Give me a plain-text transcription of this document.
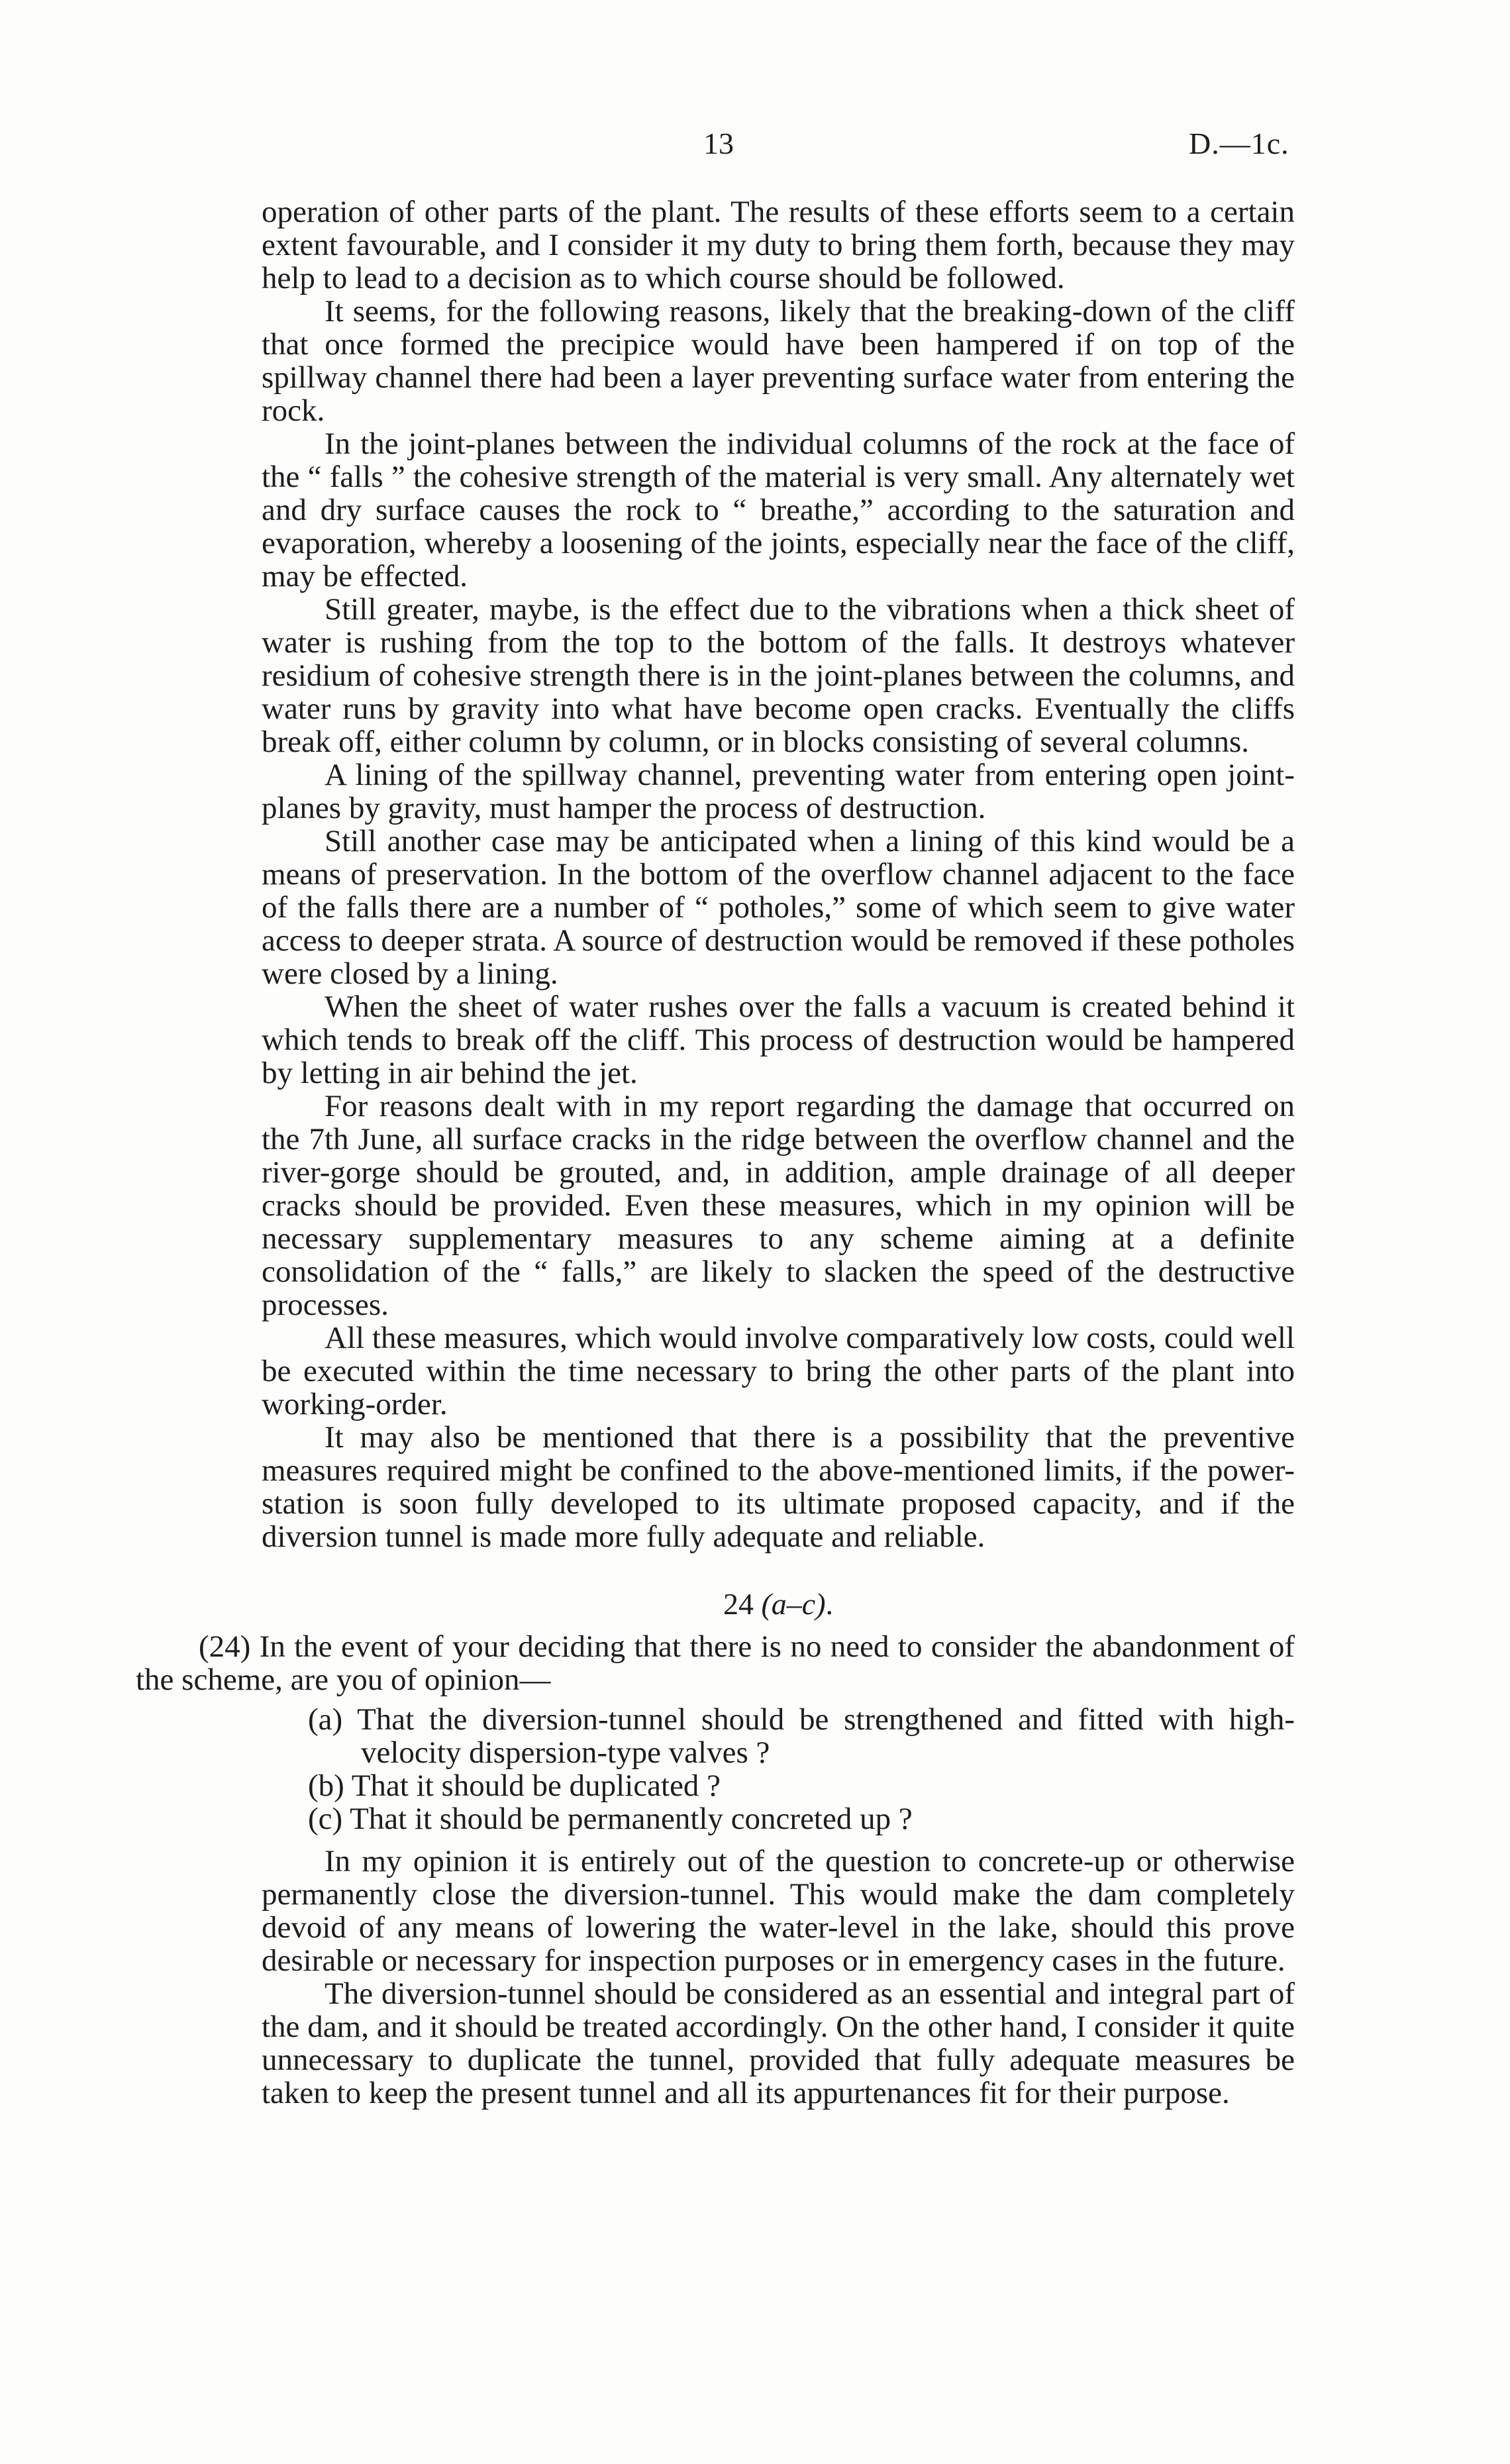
13	D.—1c.

operation of other parts of the plant. The results of these efforts seem to a certain extent favourable, and I consider it my duty to bring them forth, because they may help to lead to a decision as to which course should be followed.

It seems, for the following reasons, likely that the breaking-down of the cliff that once formed the precipice would have been hampered if on top of the spillway channel there had been a layer preventing surface water from entering the rock.

In the joint-planes between the individual columns of the rock at the face of the “ falls ” the cohesive strength of the material is very small. Any alternately wet and dry surface causes the rock to “ breathe,” according to the saturation and evaporation, whereby a loosening of the joints, especially near the face of the cliff, may be effected.

Still greater, maybe, is the effect due to the vibrations when a thick sheet of water is rushing from the top to the bottom of the falls. It destroys whatever residium of cohesive strength there is in the joint-planes between the columns, and water runs by gravity into what have become open cracks. Eventually the cliffs break off, either column by column, or in blocks consisting of several columns.

A lining of the spillway channel, preventing water from entering open joint-planes by gravity, must hamper the process of destruction.

Still another case may be anticipated when a lining of this kind would be a means of preservation. In the bottom of the overflow channel adjacent to the face of the falls there are a number of “ potholes,” some of which seem to give water access to deeper strata. A source of destruction would be removed if these potholes were closed by a lining.

When the sheet of water rushes over the falls a vacuum is created behind it which tends to break off the cliff. This process of destruction would be hampered by letting in air behind the jet.

For reasons dealt with in my report regarding the damage that occurred on the 7th June, all surface cracks in the ridge between the overflow channel and the river-gorge should be grouted, and, in addition, ample drainage of all deeper cracks should be provided. Even these measures, which in my opinion will be necessary supplementary measures to any scheme aiming at a definite consolidation of the “ falls,” are likely to slacken the speed of the destructive processes.

All these measures, which would involve comparatively low costs, could well be executed within the time necessary to bring the other parts of the plant into working-order.

It may also be mentioned that there is a possibility that the preventive measures required might be confined to the above-mentioned limits, if the power-station is soon fully developed to its ultimate proposed capacity, and if the diversion tunnel is made more fully adequate and reliable.

24 (a–c).

(24) In the event of your deciding that there is no need to consider the abandonment of the scheme, are you of opinion—

(a) That the diversion-tunnel should be strengthened and fitted with high-velocity dispersion-type valves ?

(b) That it should be duplicated ?

(c) That it should be permanently concreted up ?

In my opinion it is entirely out of the question to concrete-up or otherwise permanently close the diversion-tunnel. This would make the dam completely devoid of any means of lowering the water-level in the lake, should this prove desirable or necessary for inspection purposes or in emergency cases in the future.

The diversion-tunnel should be considered as an essential and integral part of the dam, and it should be treated accordingly. On the other hand, I consider it quite unnecessary to duplicate the tunnel, provided that fully adequate measures be taken to keep the present tunnel and all its appurtenances fit for their purpose.
